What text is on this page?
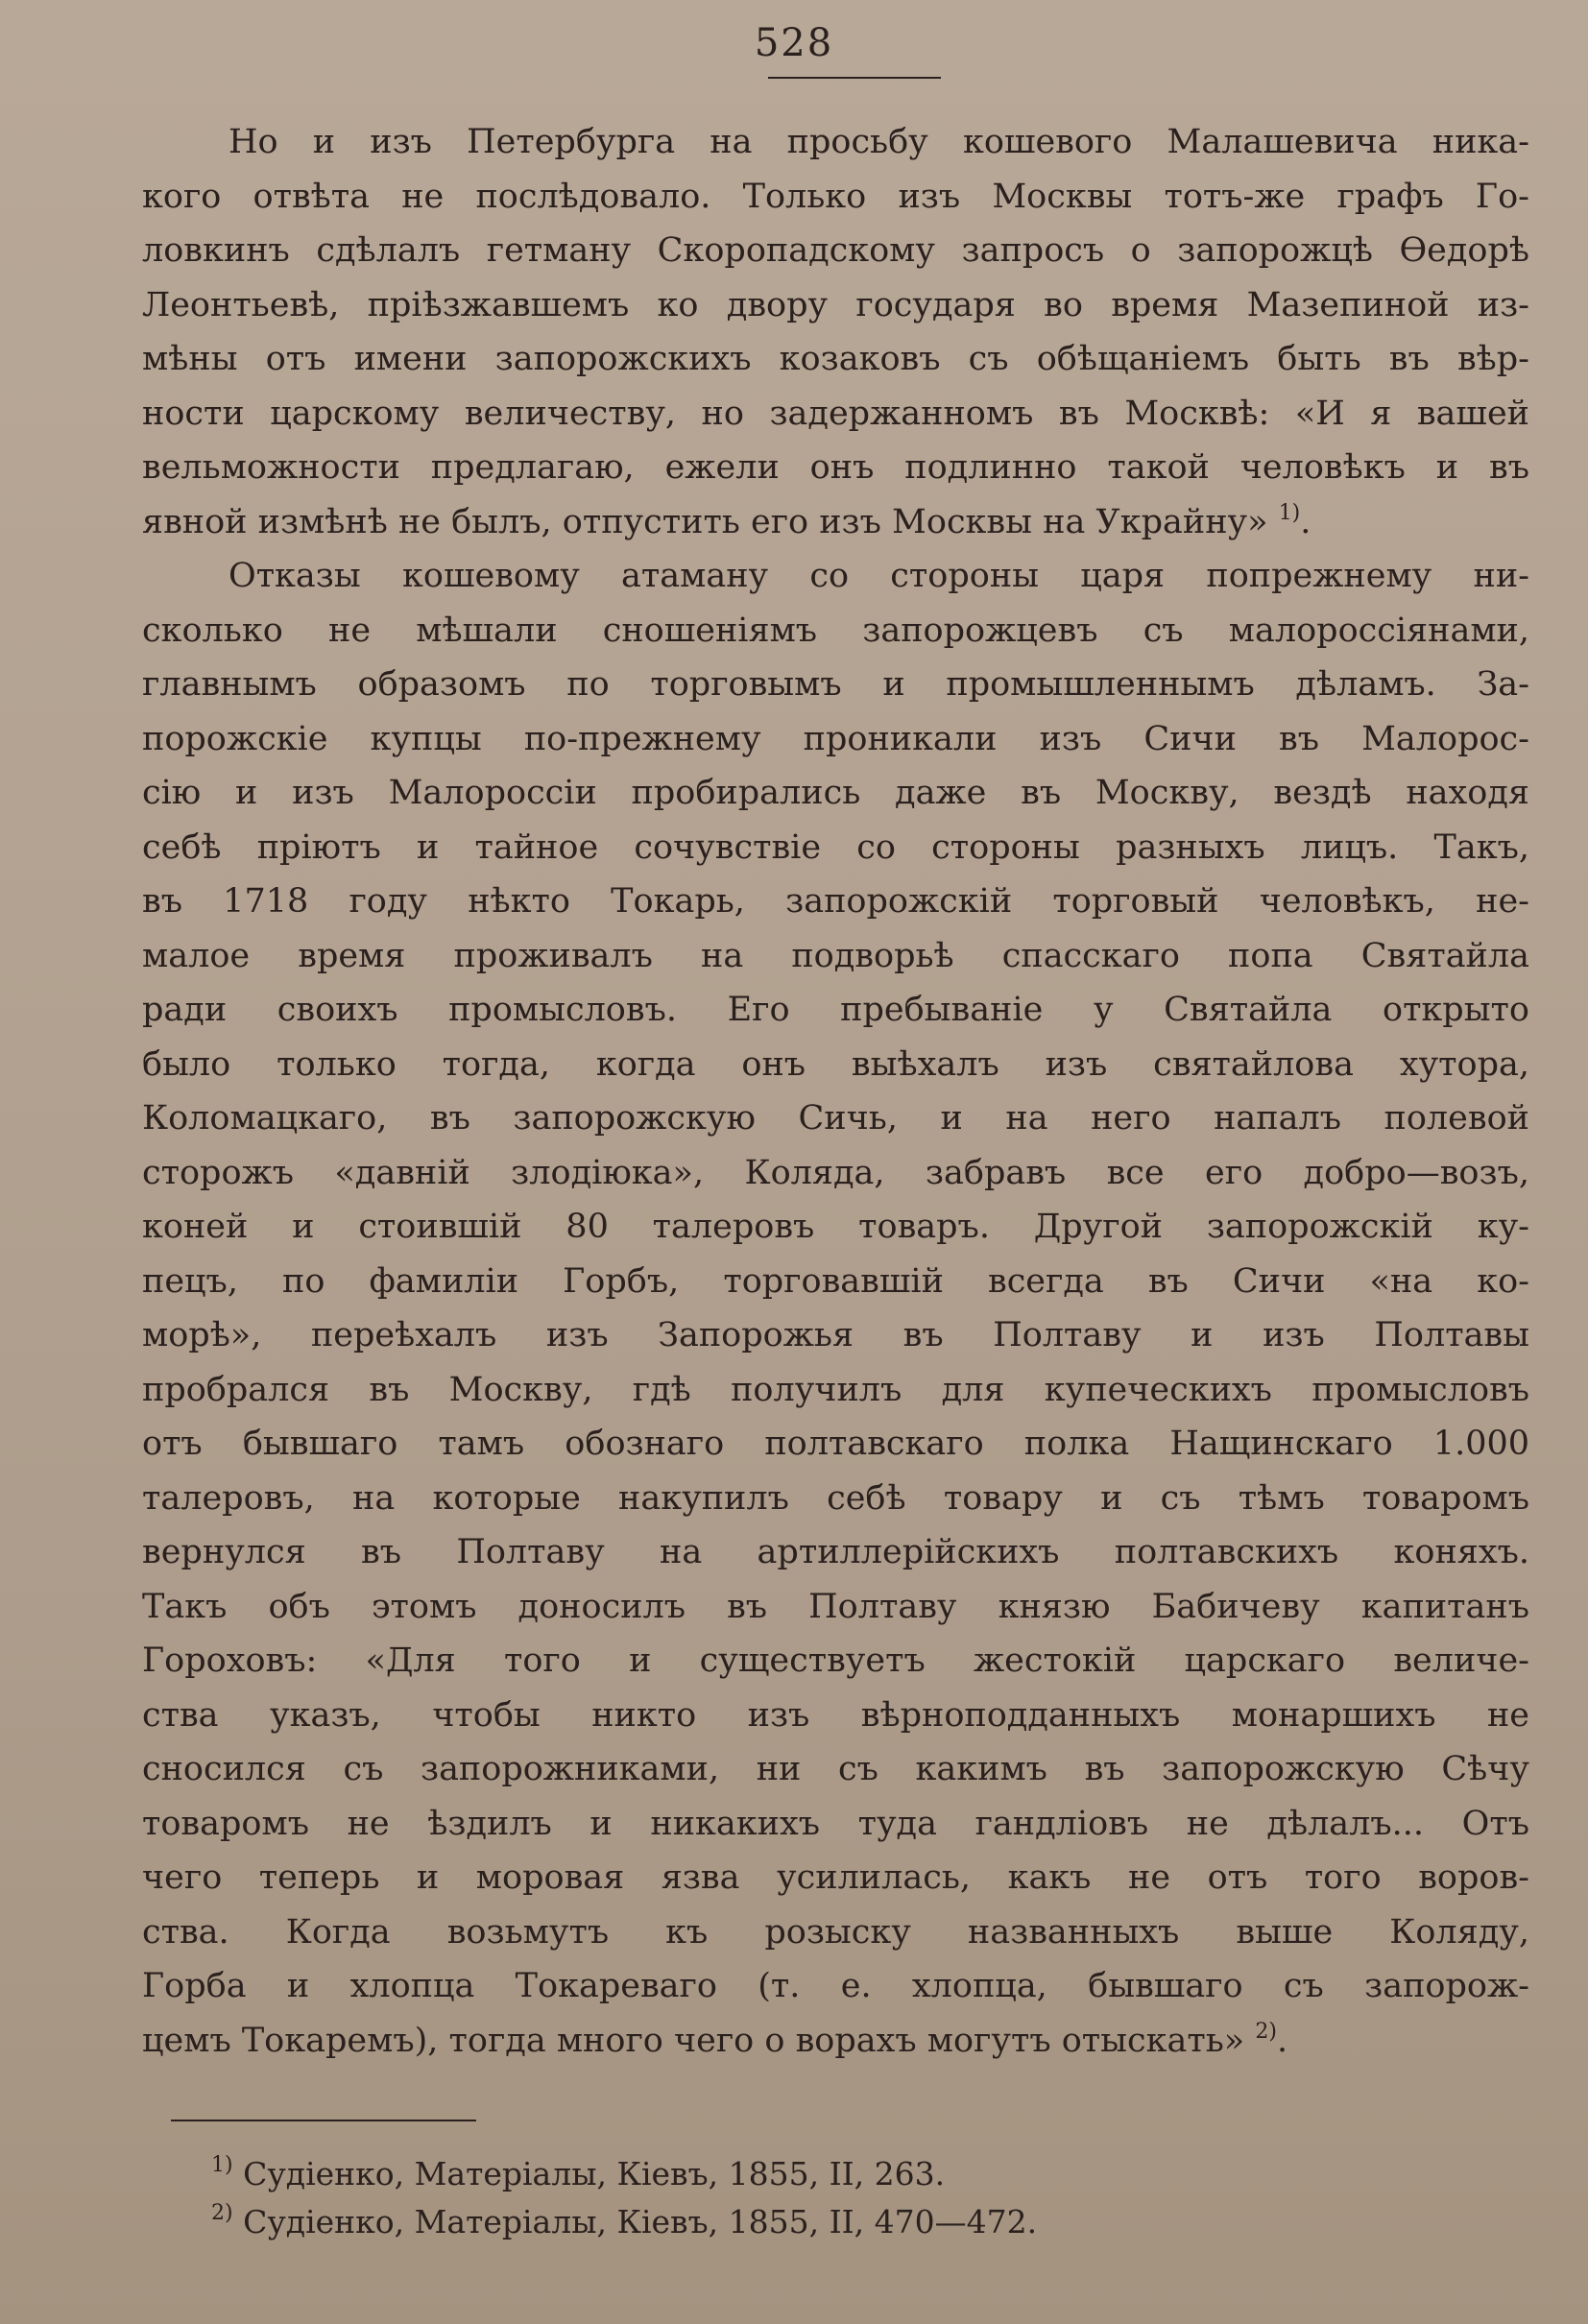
528
Но и изъ Петербурга на просьбу кошевого Малашевича ника-
кого отвѣта не послѣдовало. Только изъ Москвы тотъ-же графъ Го-
ловкинъ сдѣлалъ гетману Скоропадскому запросъ о запорожцѣ Ѳедорѣ
Леонтьевѣ, пріѣзжавшемъ ко двору государя во время Мазепиной из-
мѣны отъ имени запорожскихъ козаковъ съ обѣщаніемъ быть въ вѣр-
ности царскому величеству, но задержанномъ въ Москвѣ: «И я вашей
вельможности предлагаю, ежели онъ подлинно такой человѣкъ и въ
явной измѣнѣ не былъ, отпустить его изъ Москвы на Украйну» $^{1)}$.
Отказы кошевому атаману со стороны царя попрежнему ни-
сколько не мѣшали сношеніямъ запорожцевъ съ малороссіянами,
главнымъ образомъ по торговымъ и промышленнымъ дѣламъ. За-
порожскіе купцы по-прежнему проникали изъ Сичи въ Малорос-
сію и изъ Малороссіи пробирались даже въ Москву, вездѣ находя
себѣ пріютъ и тайное сочувствіе со стороны разныхъ лицъ. Такъ,
въ 1718 году нѣкто Токарь, запорожскій торговый человѣкъ, не-
малое время проживалъ на подворьѣ спасскаго попа Святайла
ради своихъ промысловъ. Его пребываніе у Святайла открыто
было только тогда, когда онъ выѣхалъ изъ святайлова хутора,
Коломацкаго, въ запорожскую Сичь, и на него напалъ полевой
сторожъ «давній злодіюка», Коляда, забравъ все его добро—возъ,
коней и стоившій 80 талеровъ товаръ. Другой запорожскій ку-
пецъ, по фамиліи Горбъ, торговавшій всегда въ Сичи «на ко-
морѣ», переѣхалъ изъ Запорожья въ Полтаву и изъ Полтавы
пробрался въ Москву, гдѣ получилъ для купеческихъ промысловъ
отъ бывшаго тамъ обознаго полтавскаго полка Нащинскаго 1.000
талеровъ, на которые накупилъ себѣ товару и съ тѣмъ товаромъ
вернулся въ Полтаву на артиллерійскихъ полтавскихъ коняхъ.
Такъ объ этомъ доносилъ въ Полтаву князю Бабичеву капитанъ
Гороховъ: «Для того и существуетъ жестокій царскаго величе-
ства указъ, чтобы никто изъ вѣрноподданныхъ монаршихъ не
сносился съ запорожниками, ни съ какимъ въ запорожскую Сѣчу
товаромъ не ѣздилъ и никакихъ туда гандліовъ не дѣлалъ... Отъ
чего теперь и моровая язва усилилась, какъ не отъ того воров-
ства. Когда возьмутъ къ розыску названныхъ выше Коляду,
Горба и хлопца Токареваго (т. е. хлопца, бывшаго съ запорож-
цемъ Токаремъ), тогда много чего о ворахъ могутъ отыскать» $^{2)}$.
$^{1)}$ Судіенко, Матеріалы, Кіевъ, 1855, II, 263.
$^{2)}$ Судіенко, Матеріалы, Кіевъ, 1855, II, 470—472.
